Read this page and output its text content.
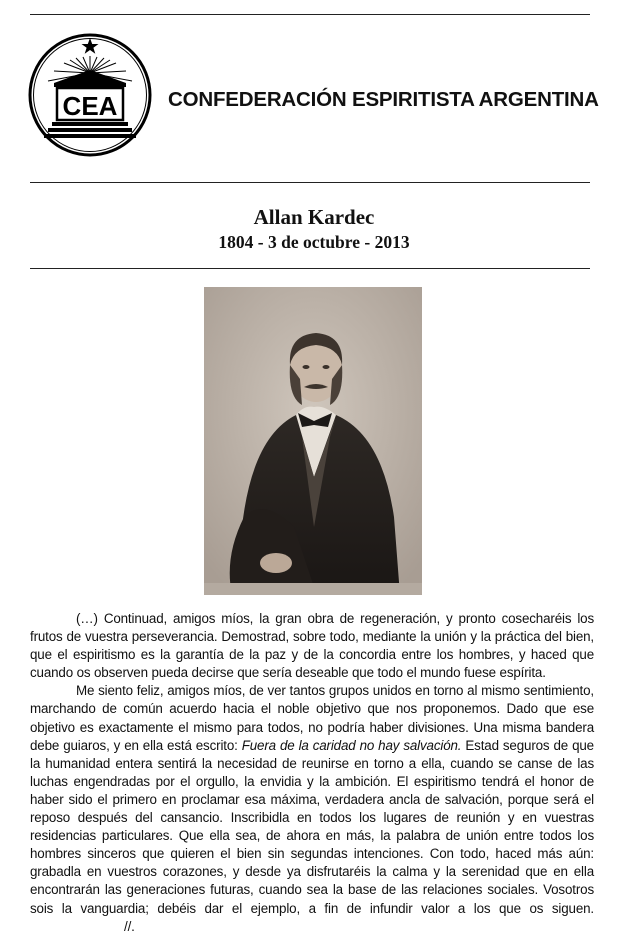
CEA CONFEDERACIÓN ESPIRITISTA ARGENTINA
Allan Kardec
1804 - 3 de octubre - 2013

(…) Continuad, amigos míos, la gran obra de regeneración, y pronto cosecharéis los frutos de vuestra perseverancia. Demostrad, sobre todo, mediante la unión y la práctica del bien, que el espiritismo es la garantía de la paz y de la concordia entre los hombres, y haced que cuando os observen pueda decirse que sería deseable que todo el mundo fuese espírita.

Me siento feliz, amigos míos, de ver tantos grupos unidos en torno al mismo sentimiento, marchando de común acuerdo hacia el noble objetivo que nos proponemos. Dado que ese objetivo es exactamente el mismo para todos, no podría haber divisiones. Una misma bandera debe guiaros, y en ella está escrito: Fuera de la caridad no hay salvación. Estad seguros de que la humanidad entera sentirá la necesidad de reunirse en torno a ella, cuando se canse de las luchas engendradas por el orgullo, la envidia y la ambición. El espiritismo tendrá el honor de haber sido el primero en proclamar esa máxima, verdadera ancla de salvación, porque será el reposo después del cansancio. Inscribidla en todos los lugares de reunión y en vuestras residencias particulares. Que ella sea, de ahora en más, la palabra de unión entre todos los hombres sinceros que quieren el bien sin segundas intenciones. Con todo, haced más aún: grabadla en vuestros corazones, y desde ya disfrutaréis la calma y la serenidad que en ella encontrarán las generaciones futuras, cuando sea la base de las relaciones sociales. Vosotros sois la vanguardia; debéis dar el ejemplo, a fin de infundir valor a los que os siguen.//.
